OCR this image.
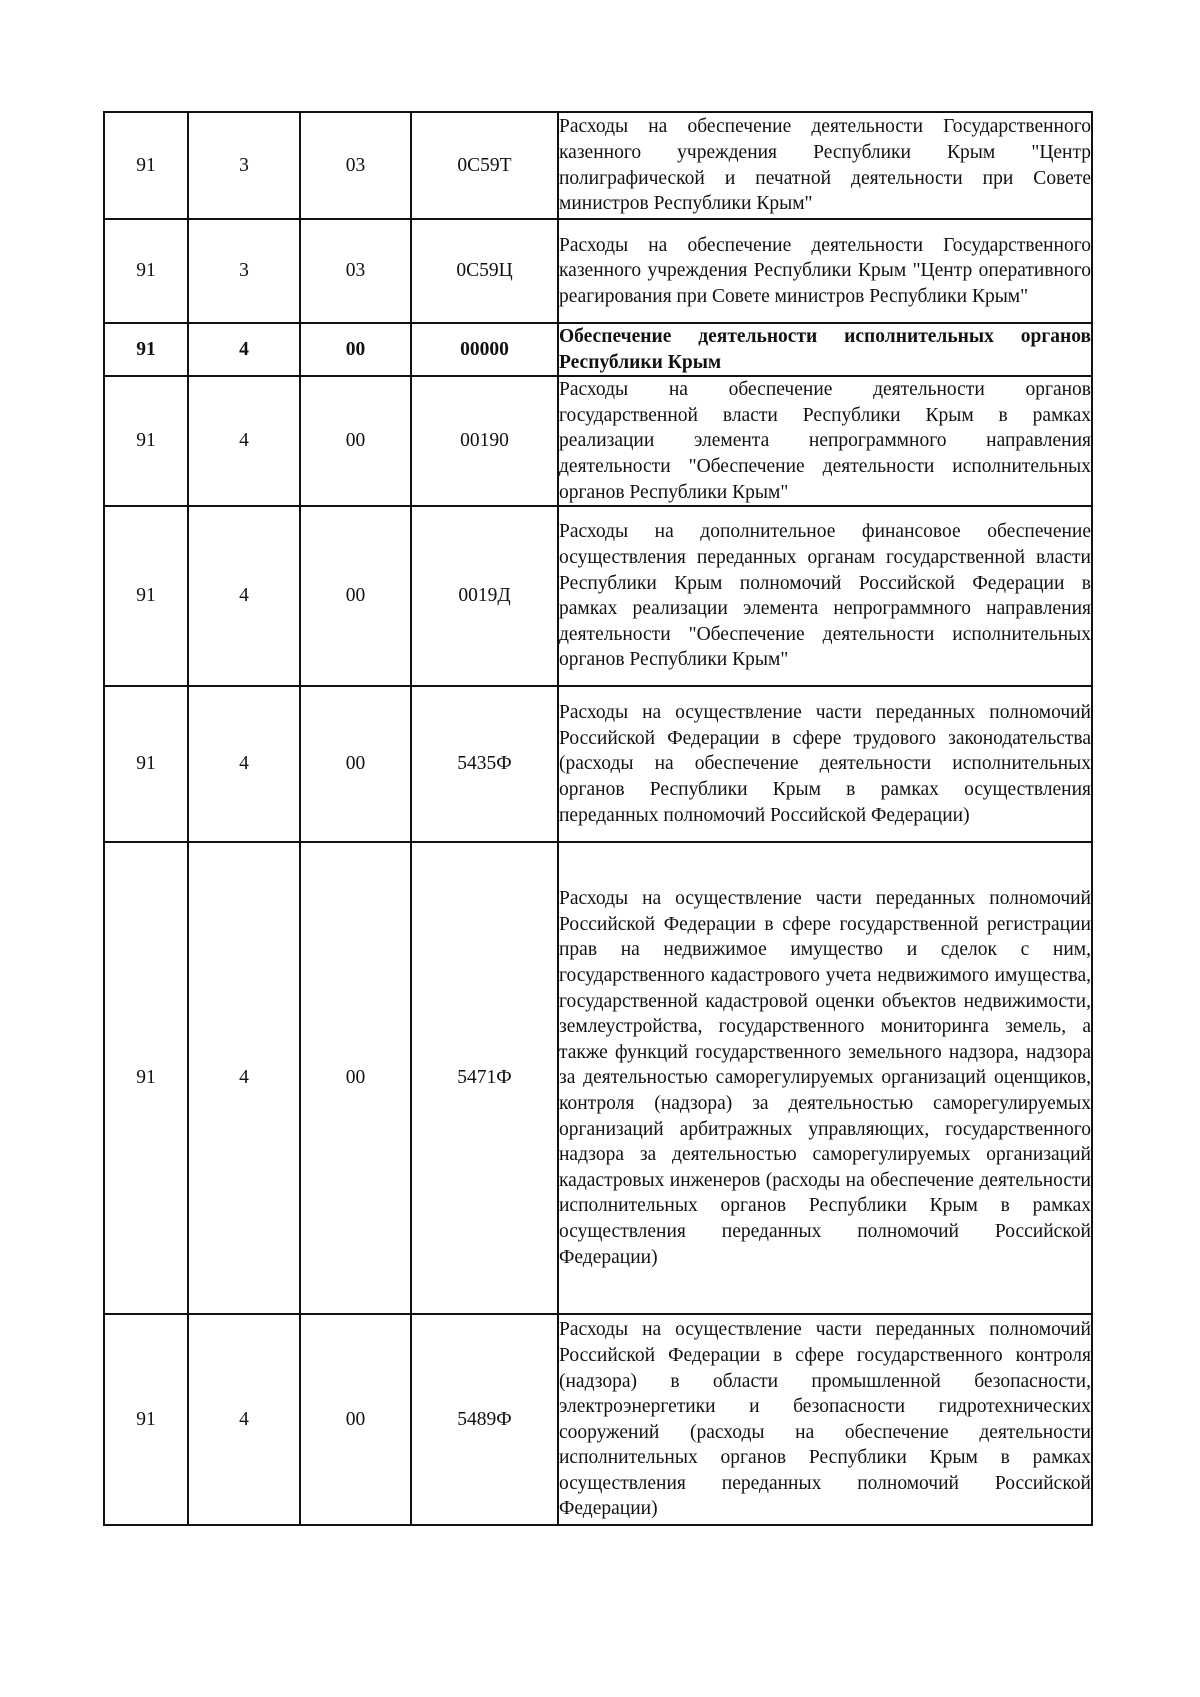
91	3	03	0С59Т	Расходы на обеспечение деятельности Государственного казенного учреждения Республики Крым "Центр полиграфической и печатной деятельности при Совете министров Республики Крым"
91	3	03	0С59Ц	Расходы на обеспечение деятельности Государственного казенного учреждения Республики Крым "Центр оперативного реагирования при Совете министров Республики Крым"
91	4	00	00000	Обеспечение деятельности исполнительных органов Республики Крым
91	4	00	00190	Расходы на обеспечение деятельности органов государственной власти Республики Крым в рамках реализации элемента непрограммного направления деятельности "Обеспечение деятельности исполнительных органов Республики Крым"
91	4	00	0019Д	Расходы на дополнительное финансовое обеспечение осуществления переданных органам государственной власти Республики Крым полномочий Российской Федерации в рамках реализации элемента непрограммного направления деятельности "Обеспечение деятельности исполнительных органов Республики Крым"
91	4	00	5435Ф	Расходы на осуществление части переданных полномочий Российской Федерации в сфере трудового законодательства (расходы на обеспечение деятельности исполнительных органов Республики Крым в рамках осуществления переданных полномочий Российской Федерации)
91	4	00	5471Ф	Расходы на осуществление части переданных полномочий Российской Федерации в сфере государственной регистрации прав на недвижимое имущество и сделок с ним, государственного кадастрового учета недвижимого имущества, государственной кадастровой оценки объектов недвижимости, землеустройства, государственного мониторинга земель, а также функций государственного земельного надзора, надзора за деятельностью саморегулируемых организаций оценщиков, контроля (надзора) за деятельностью саморегулируемых организаций арбитражных управляющих, государственного надзора за деятельностью саморегулируемых организаций кадастровых инженеров (расходы на обеспечение деятельности исполнительных органов Республики Крым в рамках осуществления переданных полномочий Российской Федерации)
91	4	00	5489Ф	Расходы на осуществление части переданных полномочий Российской Федерации в сфере государственного контроля (надзора) в области промышленной безопасности, электроэнергетики и безопасности гидротехнических сооружений (расходы на обеспечение деятельности исполнительных органов Республики Крым в рамках осуществления переданных полномочий Российской Федерации)
